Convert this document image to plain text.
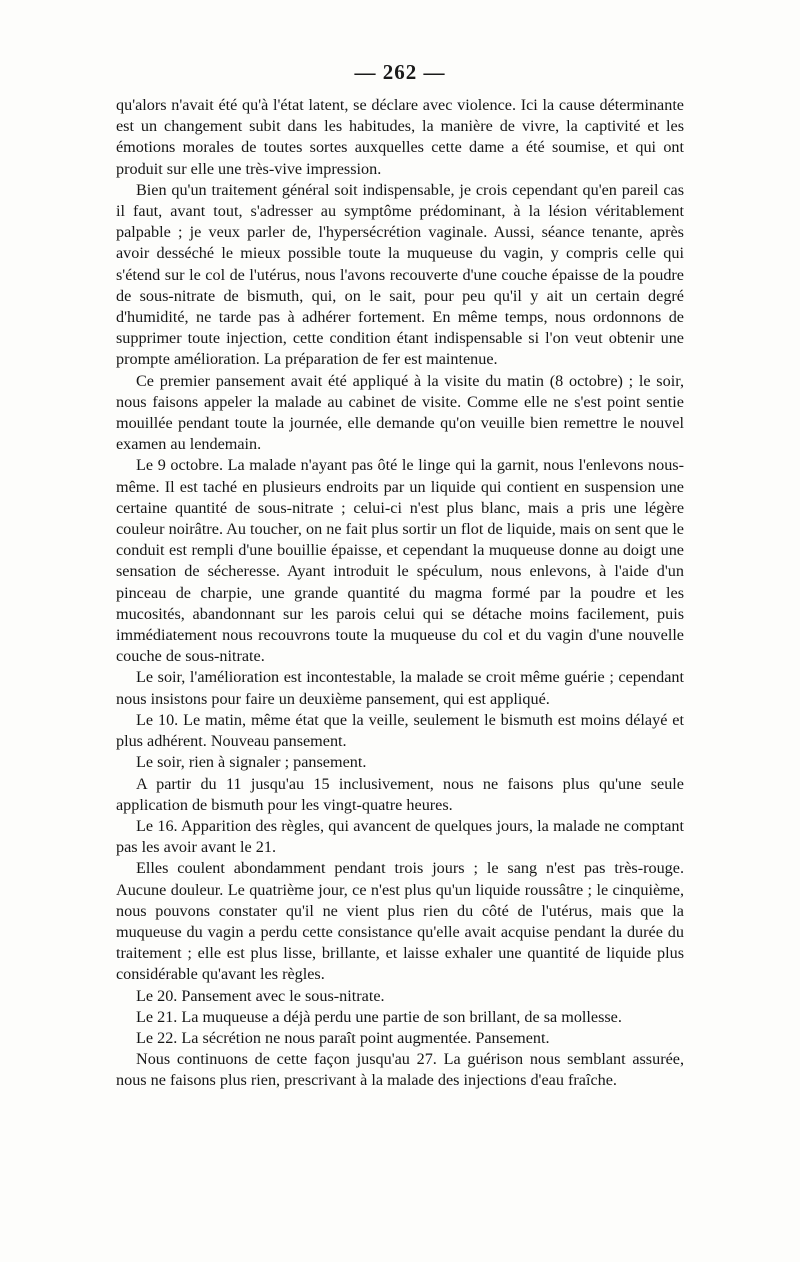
— 262 —

qu'alors n'avait été qu'à l'état latent, se déclare avec violence. Ici la cause déterminante est un changement subit dans les habitudes, la manière de vivre, la captivité et les émotions morales de toutes sortes auxquelles cette dame a été soumise, et qui ont produit sur elle une très-vive impression.

Bien qu'un traitement général soit indispensable, je crois cependant qu'en pareil cas il faut, avant tout, s'adresser au symptôme prédominant, à la lésion véritablement palpable ; je veux parler de, l'hypersécrétion vaginale. Aussi, séance tenante, après avoir desséché le mieux possible toute la muqueuse du vagin, y compris celle qui s'étend sur le col de l'utérus, nous l'avons recouverte d'une couche épaisse de la poudre de sous-nitrate de bismuth, qui, on le sait, pour peu qu'il y ait un certain degré d'humidité, ne tarde pas à adhérer fortement. En même temps, nous ordonnons de supprimer toute injection, cette condition étant indispensable si l'on veut obtenir une prompte amélioration. La préparation de fer est maintenue.

Ce premier pansement avait été appliqué à la visite du matin (8 octobre) ; le soir, nous faisons appeler la malade au cabinet de visite. Comme elle ne s'est point sentie mouillée pendant toute la journée, elle demande qu'on veuille bien remettre le nouvel examen au lendemain.

Le 9 octobre. La malade n'ayant pas ôté le linge qui la garnit, nous l'enlevons nous-même. Il est taché en plusieurs endroits par un liquide qui contient en suspension une certaine quantité de sous-nitrate ; celui-ci n'est plus blanc, mais a pris une légère couleur noirâtre. Au toucher, on ne fait plus sortir un flot de liquide, mais on sent que le conduit est rempli d'une bouillie épaisse, et cependant la muqueuse donne au doigt une sensation de sécheresse. Ayant introduit le spéculum, nous enlevons, à l'aide d'un pinceau de charpie, une grande quantité du magma formé par la poudre et les mucosités, abandonnant sur les parois celui qui se détache moins facilement, puis immédiatement nous recouvrons toute la muqueuse du col et du vagin d'une nouvelle couche de sous-nitrate.

Le soir, l'amélioration est incontestable, la malade se croit même guérie ; cependant nous insistons pour faire un deuxième pansement, qui est appliqué.

Le 10. Le matin, même état que la veille, seulement le bismuth est moins délayé et plus adhérent. Nouveau pansement.

Le soir, rien à signaler ; pansement.

A partir du 11 jusqu'au 15 inclusivement, nous ne faisons plus qu'une seule application de bismuth pour les vingt-quatre heures.

Le 16. Apparition des règles, qui avancent de quelques jours, la malade ne comptant pas les avoir avant le 21.

Elles coulent abondamment pendant trois jours ; le sang n'est pas très-rouge. Aucune douleur. Le quatrième jour, ce n'est plus qu'un liquide roussâtre ; le cinquième, nous pouvons constater qu'il ne vient plus rien du côté de l'utérus, mais que la muqueuse du vagin a perdu cette consistance qu'elle avait acquise pendant la durée du traitement ; elle est plus lisse, brillante, et laisse exhaler une quantité de liquide plus considérable qu'avant les règles.

Le 20. Pansement avec le sous-nitrate.

Le 21. La muqueuse a déjà perdu une partie de son brillant, de sa mollesse.

Le 22. La sécrétion ne nous paraît point augmentée. Pansement.

Nous continuons de cette façon jusqu'au 27. La guérison nous semblant assurée, nous ne faisons plus rien, prescrivant à la malade des injections d'eau fraîche.
